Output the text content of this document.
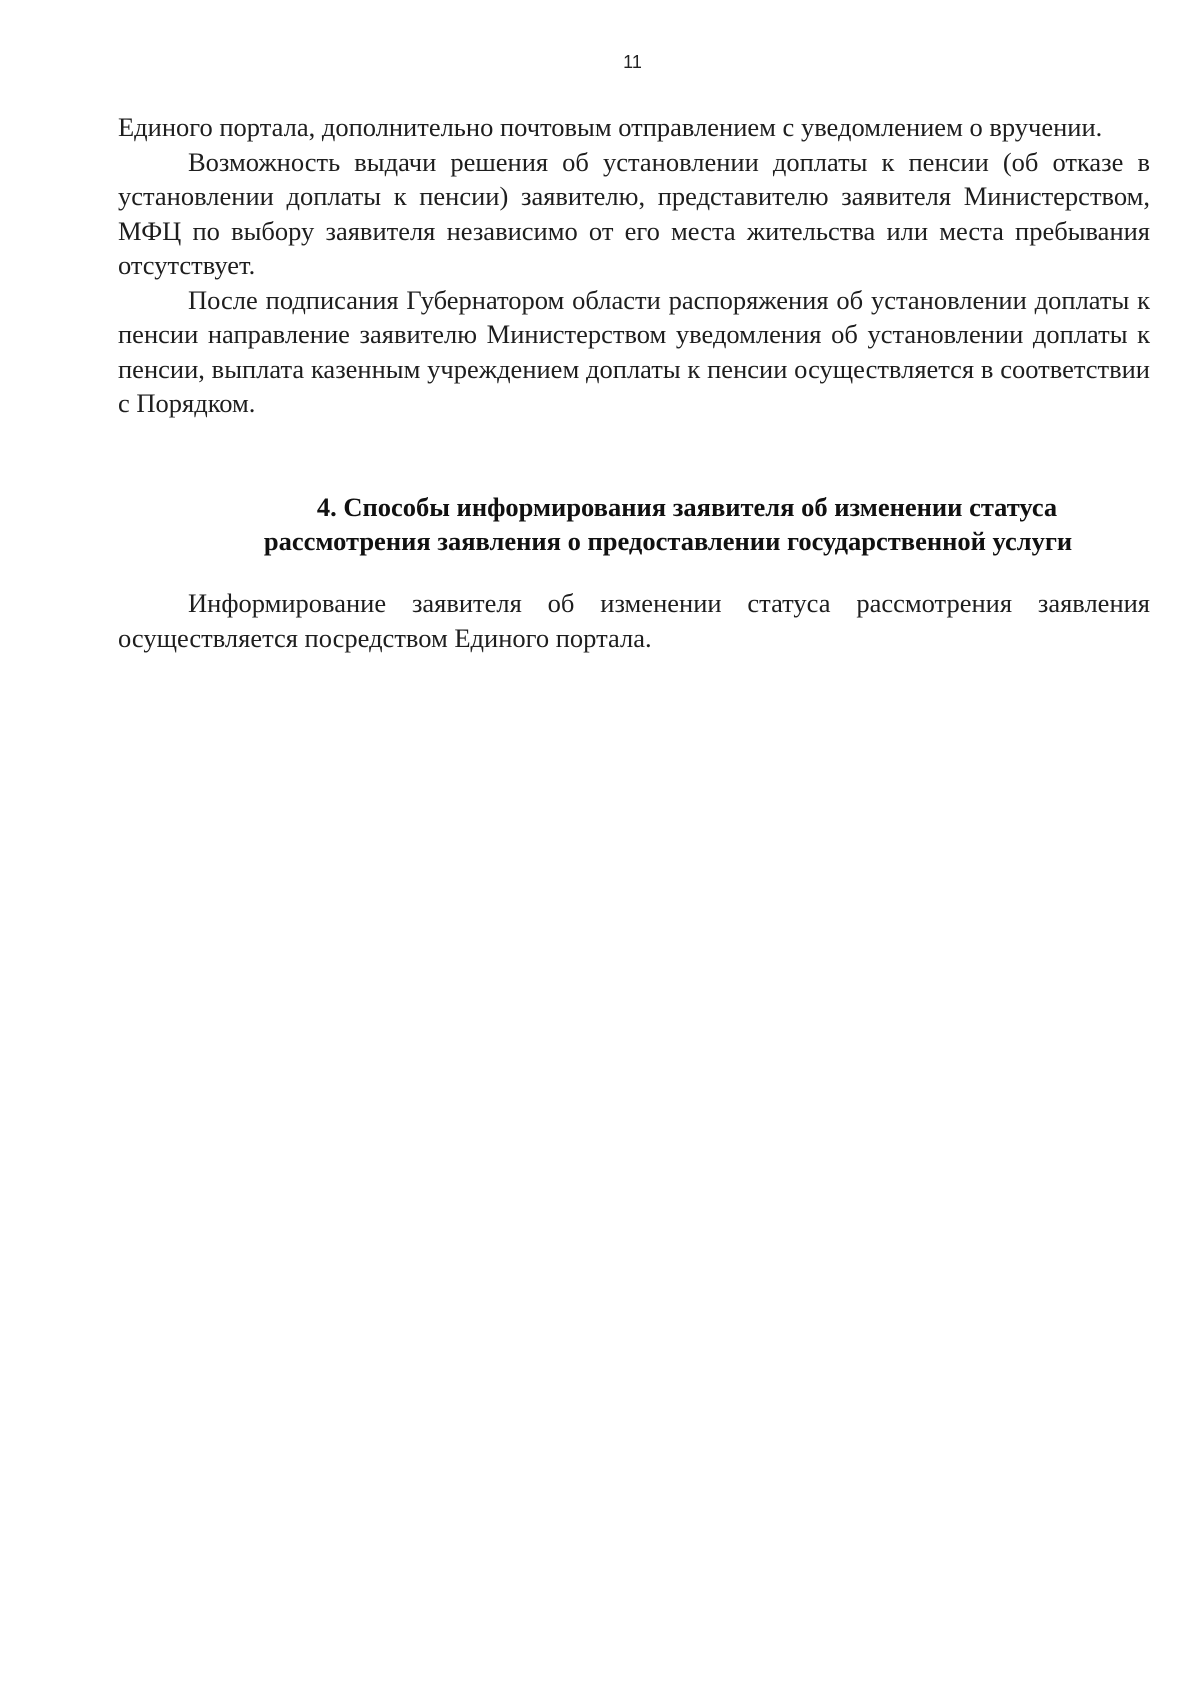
11

Единого портала, дополнительно почтовым отправлением с уведомлением о вручении.

Возможность выдачи решения об установлении доплаты к пенсии (об отказе в установлении доплаты к пенсии) заявителю, представителю заявителя Министерством, МФЦ по выбору заявителя независимо от его места жительства или места пребывания отсутствует.

После подписания Губернатором области распоряжения об установлении доплаты к пенсии направление заявителю Министерством уведомления об установлении доплаты к пенсии, выплата казенным учреждением доплаты к пенсии осуществляется в соответствии с Порядком.

4. Способы информирования заявителя об изменении статуса
рассмотрения заявления о предоставлении государственной услуги

Информирование заявителя об изменении статуса рассмотрения заявления осуществляется посредством Единого портала.
